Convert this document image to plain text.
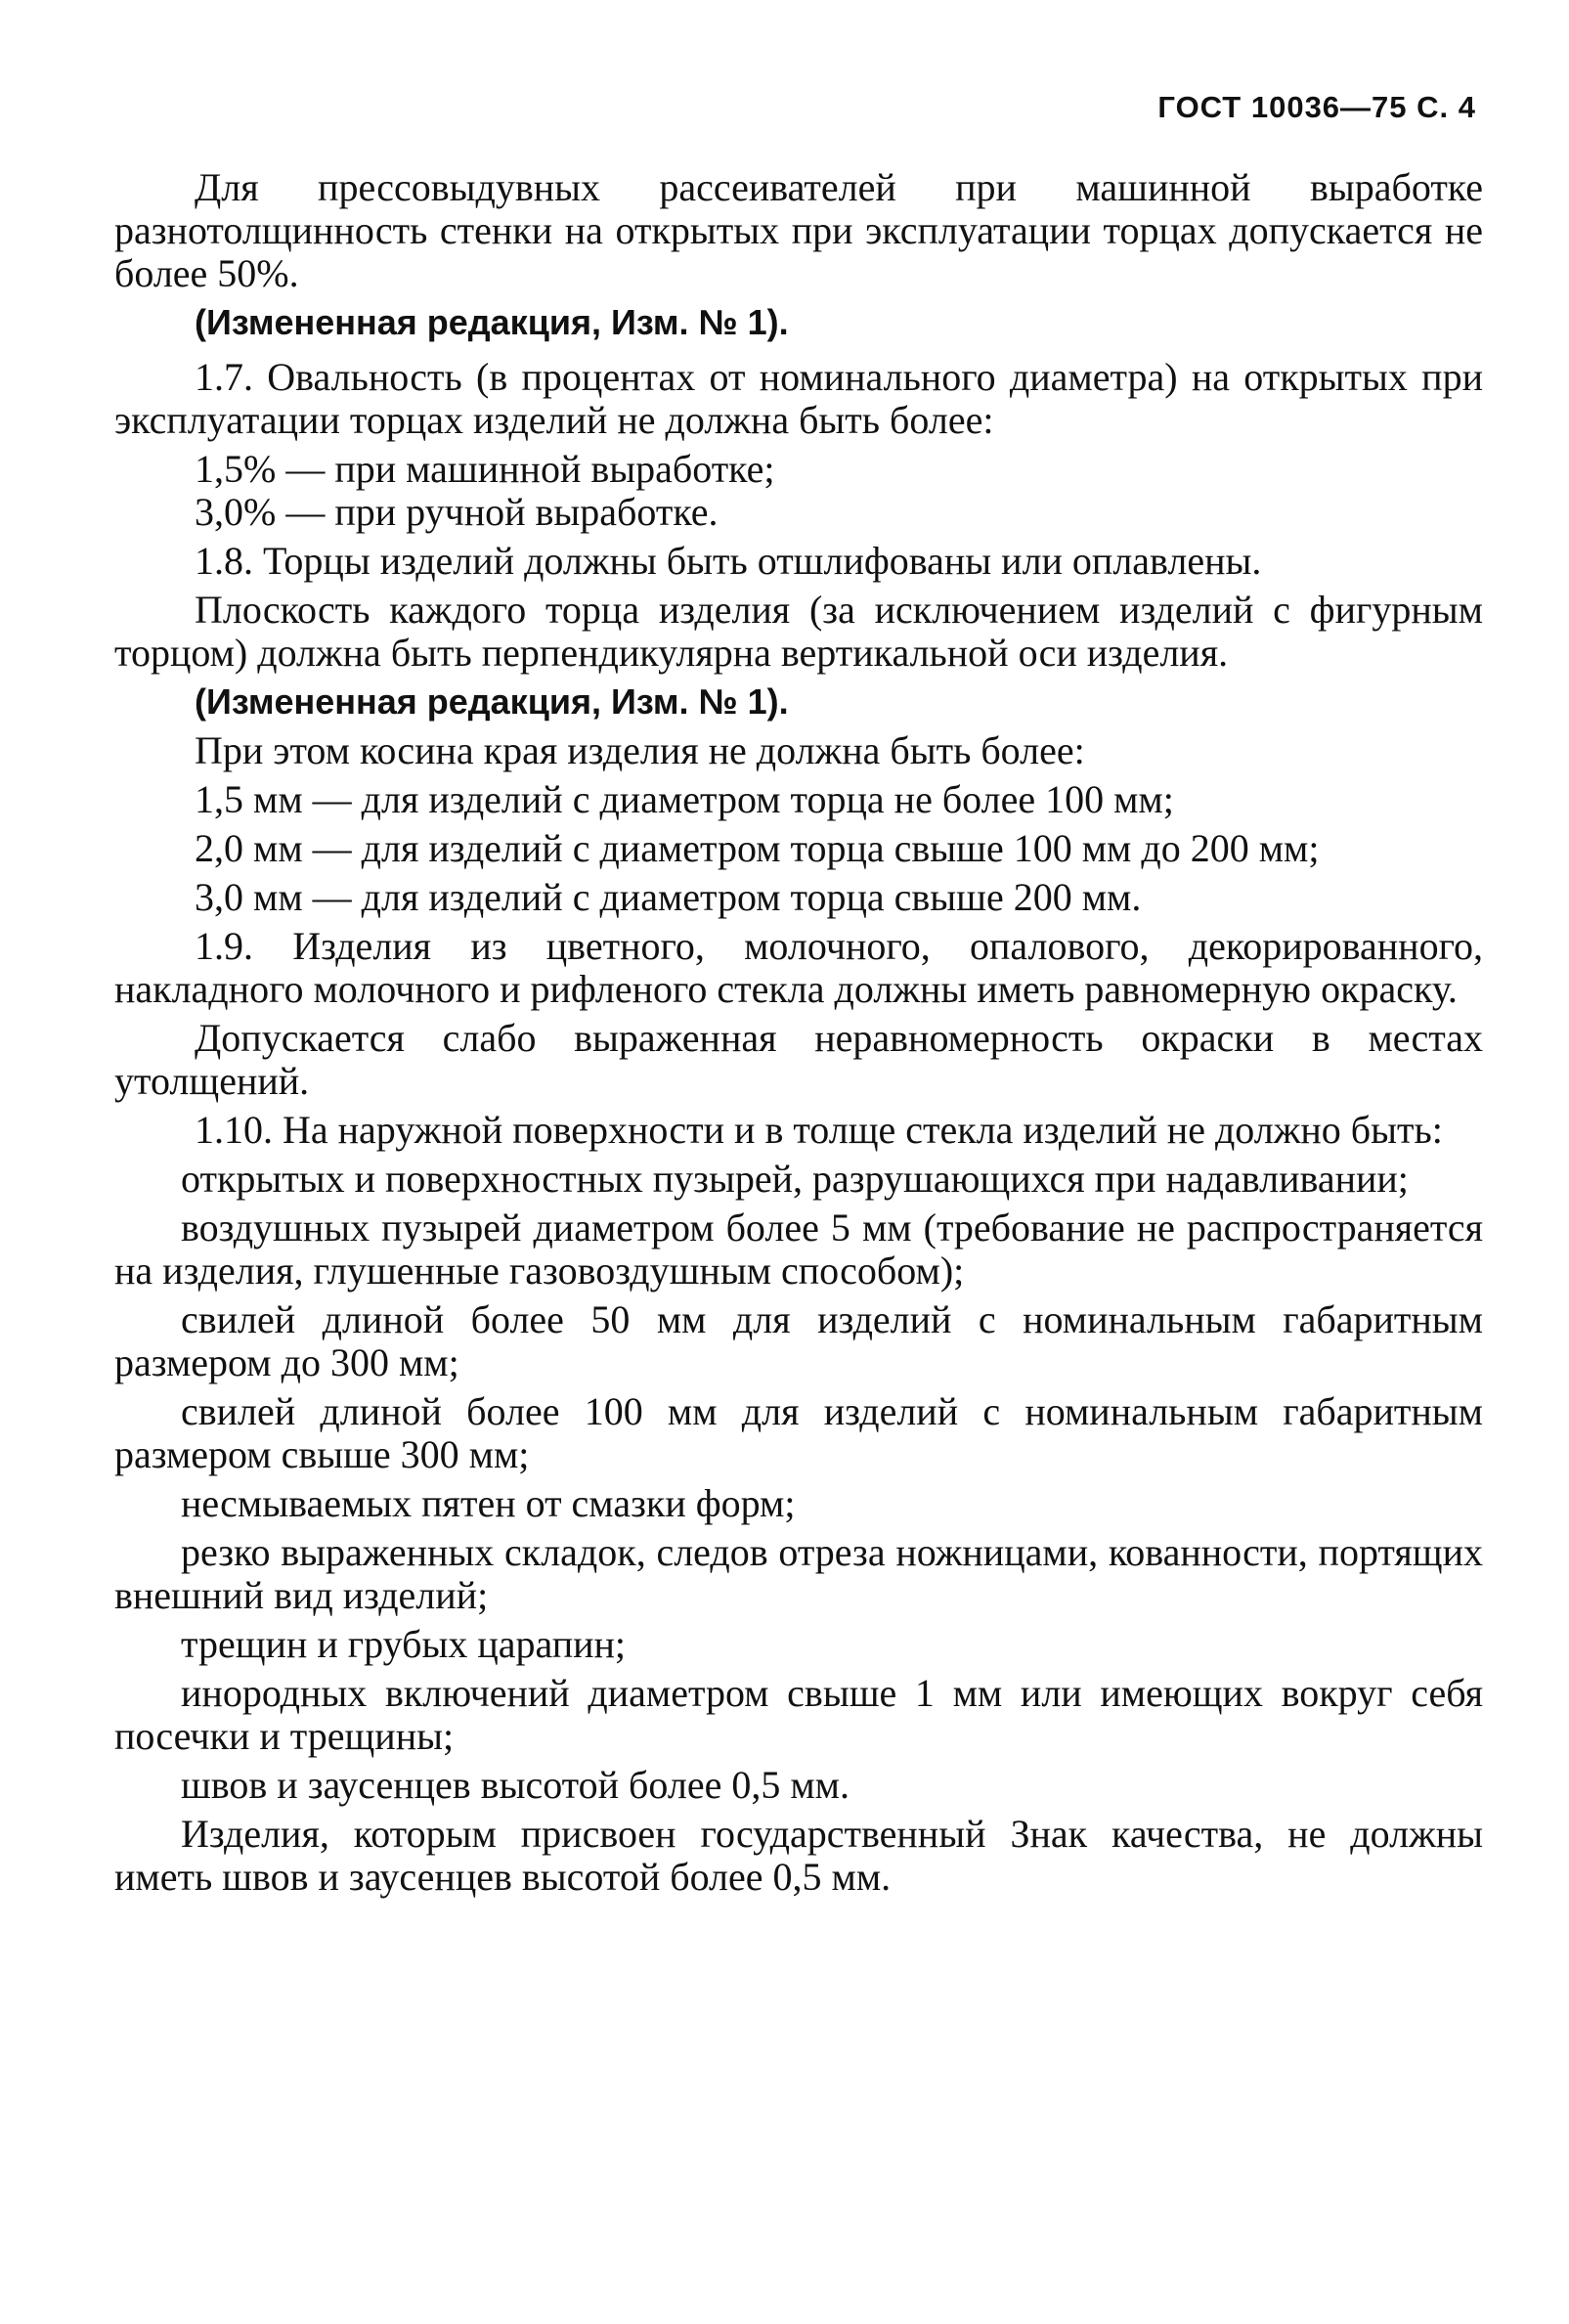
ГОСТ 10036—75 С. 4

Для прессовыдувных рассеивателей при машинной выработке разнотолщинность стенки на открытых при эксплуатации торцах допускается не более 50%.

(Измененная редакция, Изм. № 1).

1.7. Овальность (в процентах от номинального диаметра) на открытых при эксплуатации торцах изделий не должна быть более:

1,5% — при машинной выработке;

3,0% — при ручной выработке.

1.8. Торцы изделий должны быть отшлифованы или оплавлены.

Плоскость каждого торца изделия (за исключением изделий с фигурным торцом) должна быть перпендикулярна вертикальной оси изделия.

(Измененная редакция, Изм. № 1).

При этом косина края изделия не должна быть более:

1,5 мм — для изделий с диаметром торца не более 100 мм;

2,0 мм — для изделий с диаметром торца свыше 100 мм до 200 мм;

3,0 мм — для изделий с диаметром торца свыше 200 мм.

1.9. Изделия из цветного, молочного, опалового, декорированного, накладного молочного и рифленого стекла должны иметь равномерную окраску.

Допускается слабо выраженная неравномерность окраски в местах утолщений.

1.10. На наружной поверхности и в толще стекла изделий не должно быть:

открытых и поверхностных пузырей, разрушающихся при надавливании;

воздушных пузырей диаметром более 5 мм (требование не распространяется на изделия, глушенные газовоздушным способом);

свилей длиной более 50 мм для изделий с номинальным габаритным размером до 300 мм;

свилей длиной более 100 мм для изделий с номинальным габаритным размером свыше 300 мм;

несмываемых пятен от смазки форм;

резко выраженных складок, следов отреза ножницами, кованности, портящих внешний вид изделий;

трещин и грубых царапин;

инородных включений диаметром свыше 1 мм или имеющих вокруг себя посечки и трещины;

швов и заусенцев высотой более 0,5 мм.

Изделия, которым присвоен государственный Знак качества, не должны иметь швов и заусенцев высотой более 0,5 мм.
